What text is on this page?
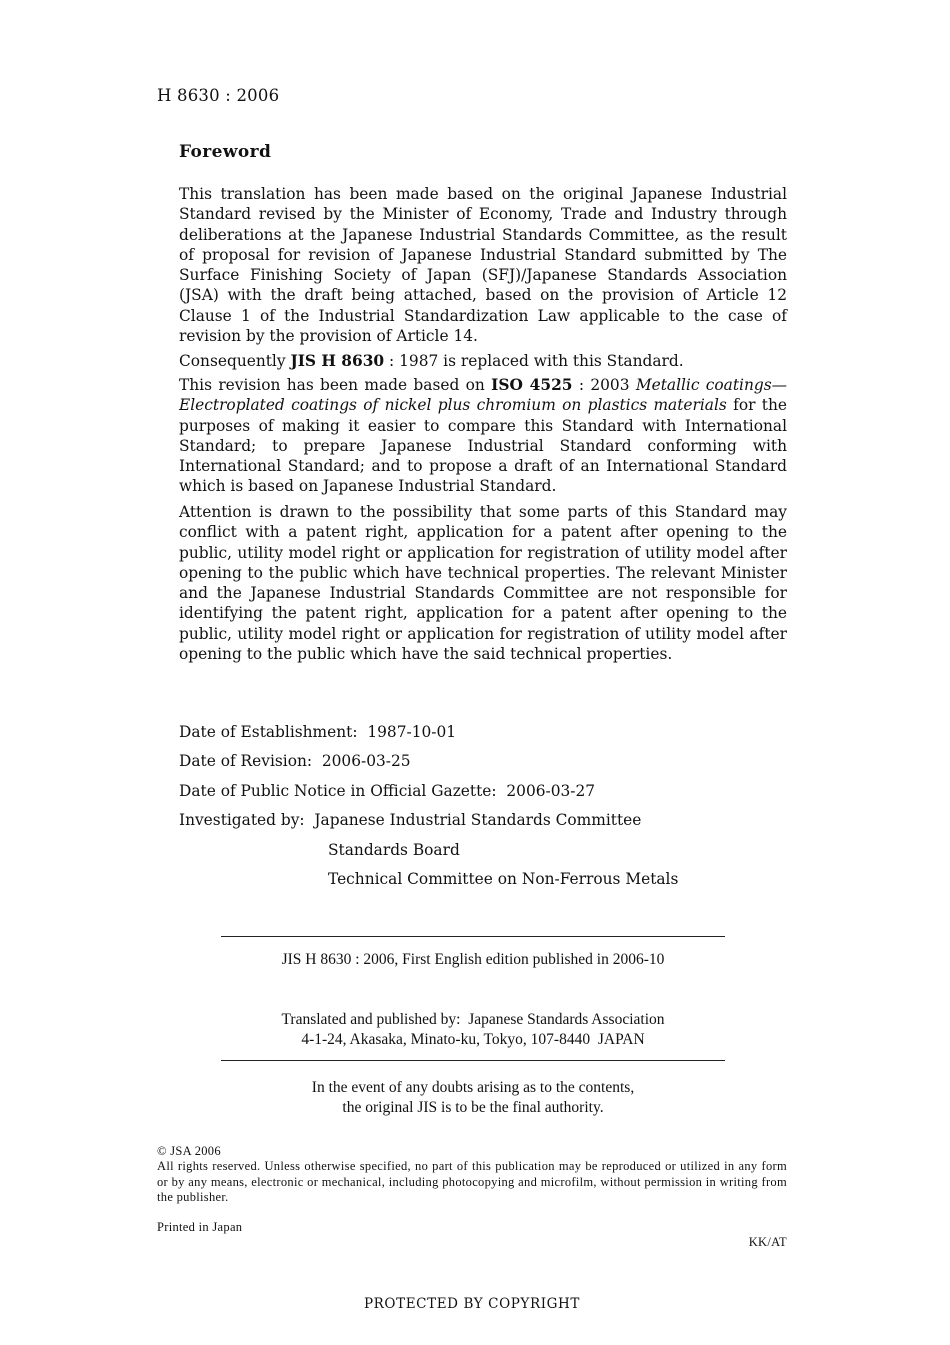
H 8630 : 2006
Foreword
This translation has been made based on the original Japanese Industrial Standard revised by the Minister of Economy, Trade and Industry through deliberations at the Japanese Industrial Standards Committee, as the result of proposal for revision of Japanese Industrial Standard submitted by The Surface Finishing Society of Japan (SFJ)/Japanese Standards Association (JSA) with the draft being attached, based on the provision of Article 12 Clause 1 of the Industrial Standardization Law applicable to the case of revision by the provision of Article 14.
Consequently JIS H 8630 : 1987 is replaced with this Standard.
This revision has been made based on ISO 4525 : 2003 Metallic coatings—Electroplated coatings of nickel plus chromium on plastics materials for the purposes of making it easier to compare this Standard with International Standard; to prepare Japanese Industrial Standard conforming with International Standard; and to propose a draft of an International Standard which is based on Japanese Industrial Standard.
Attention is drawn to the possibility that some parts of this Standard may conflict with a patent right, application for a patent after opening to the public, utility model right or application for registration of utility model after opening to the public which have technical properties. The relevant Minister and the Japanese Industrial Standards Committee are not responsible for identifying the patent right, application for a patent after opening to the public, utility model right or application for registration of utility model after opening to the public which have the said technical properties.
Date of Establishment:  1987-10-01
Date of Revision:  2006-03-25
Date of Public Notice in Official Gazette:  2006-03-27
Investigated by:  Japanese Industrial Standards Committee
Standards Board
Technical Committee on Non-Ferrous Metals
JIS H 8630 : 2006, First English edition published in 2006-10
Translated and published by:  Japanese Standards Association
4-1-24, Akasaka, Minato-ku, Tokyo, 107-8440  JAPAN
In the event of any doubts arising as to the contents,
the original JIS is to be the final authority.
© JSA 2006
All rights reserved. Unless otherwise specified, no part of this publication may be reproduced or utilized in any form or by any means, electronic or mechanical, including photocopying and microfilm, without permission in writing from the publisher.
Printed in Japan
KK/AT
PROTECTED BY COPYRIGHT
